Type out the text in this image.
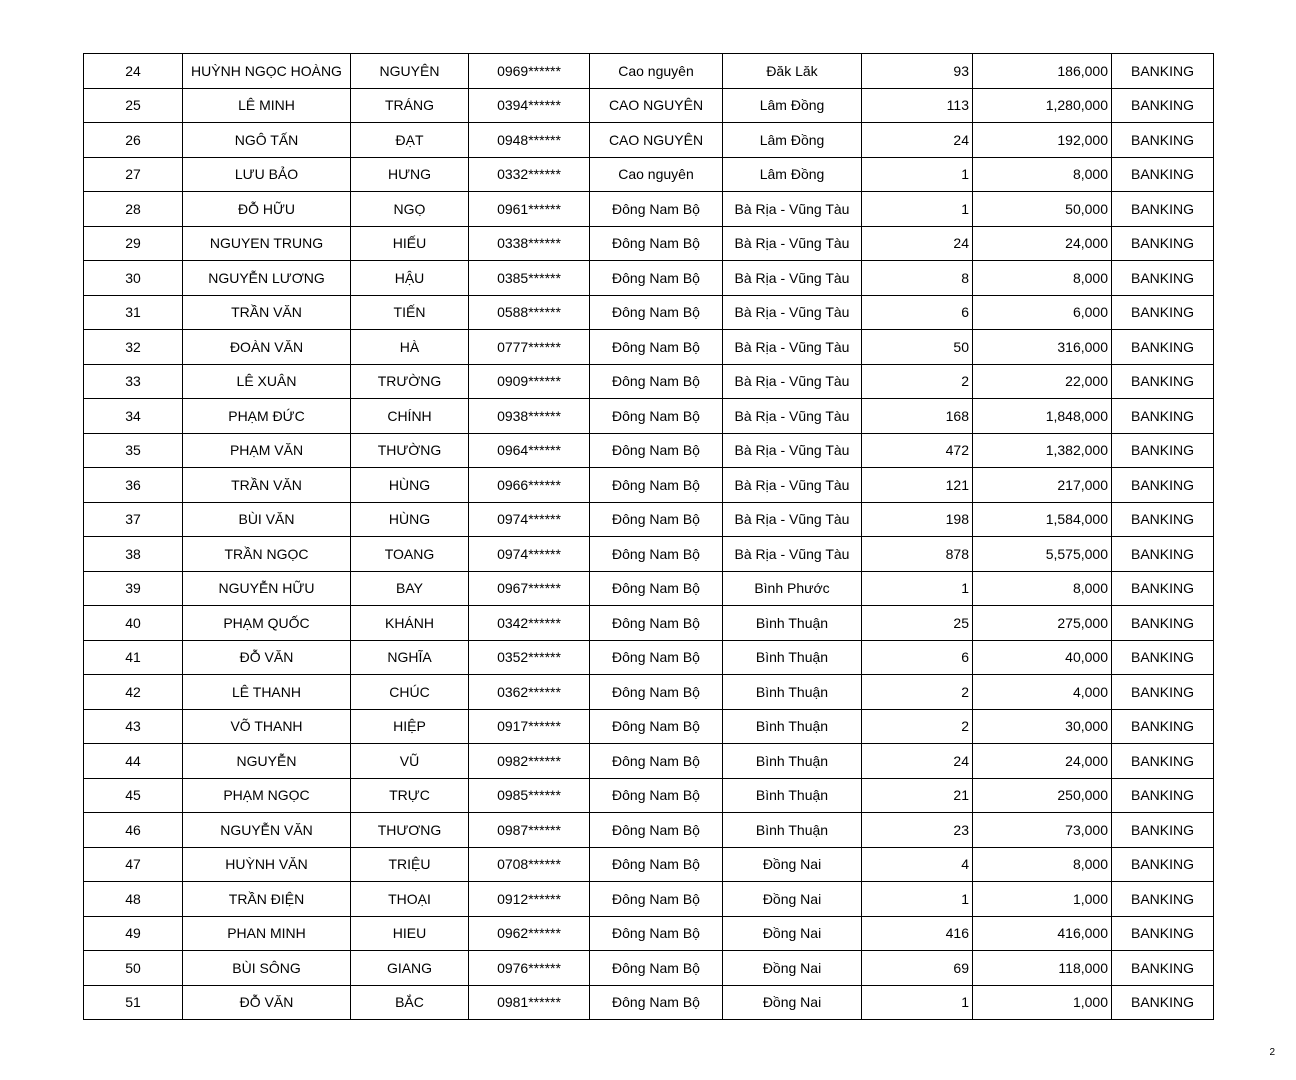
24	HUỲNH NGỌC HOÀNG	NGUYÊN	0969******	Cao nguyên	Đăk Lăk	93	186,000	BANKING
25	LÊ MINH	TRÁNG	0394******	CAO NGUYÊN	Lâm Đồng	113	1,280,000	BANKING
26	NGÔ TẤN	ĐẠT	0948******	CAO NGUYÊN	Lâm Đồng	24	192,000	BANKING
27	LƯU BẢO	HƯNG	0332******	Cao nguyên	Lâm Đồng	1	8,000	BANKING
28	ĐỖ HỮU	NGỌ	0961******	Đông Nam Bộ	Bà Rịa - Vũng Tàu	1	50,000	BANKING
29	NGUYEN TRUNG	HIẾU	0338******	Đông Nam Bộ	Bà Rịa - Vũng Tàu	24	24,000	BANKING
30	NGUYỄN LƯƠNG	HẬU	0385******	Đông Nam Bộ	Bà Rịa - Vũng Tàu	8	8,000	BANKING
31	TRẦN VĂN	TIẾN	0588******	Đông Nam Bộ	Bà Rịa - Vũng Tàu	6	6,000	BANKING
32	ĐOÀN VĂN	HÀ	0777******	Đông Nam Bộ	Bà Rịa - Vũng Tàu	50	316,000	BANKING
33	LÊ XUÂN	TRƯỜNG	0909******	Đông Nam Bộ	Bà Rịa - Vũng Tàu	2	22,000	BANKING
34	PHẠM ĐỨC	CHÍNH	0938******	Đông Nam Bộ	Bà Rịa - Vũng Tàu	168	1,848,000	BANKING
35	PHẠM VĂN	THƯỜNG	0964******	Đông Nam Bộ	Bà Rịa - Vũng Tàu	472	1,382,000	BANKING
36	TRẦN VĂN	HÙNG	0966******	Đông Nam Bộ	Bà Rịa - Vũng Tàu	121	217,000	BANKING
37	BÙI VĂN	HÙNG	0974******	Đông Nam Bộ	Bà Rịa - Vũng Tàu	198	1,584,000	BANKING
38	TRẦN NGỌC	TOANG	0974******	Đông Nam Bộ	Bà Rịa - Vũng Tàu	878	5,575,000	BANKING
39	NGUYỄN HỮU	BAY	0967******	Đông Nam Bộ	Bình Phước	1	8,000	BANKING
40	PHẠM QUỐC	KHÁNH	0342******	Đông Nam Bộ	Bình Thuận	25	275,000	BANKING
41	ĐỖ VĂN	NGHĨA	0352******	Đông Nam Bộ	Bình Thuận	6	40,000	BANKING
42	LÊ THANH	CHÚC	0362******	Đông Nam Bộ	Bình Thuận	2	4,000	BANKING
43	VÕ THANH	HIỆP	0917******	Đông Nam Bộ	Bình Thuận	2	30,000	BANKING
44	NGUYỄN	VŨ	0982******	Đông Nam Bộ	Bình Thuận	24	24,000	BANKING
45	PHẠM NGỌC	TRỰC	0985******	Đông Nam Bộ	Bình Thuận	21	250,000	BANKING
46	NGUYỄN VĂN	THƯƠNG	0987******	Đông Nam Bộ	Bình Thuận	23	73,000	BANKING
47	HUỲNH VĂN	TRIỆU	0708******	Đông Nam Bộ	Đồng Nai	4	8,000	BANKING
48	TRẦN ĐIỆN	THOẠI	0912******	Đông Nam Bộ	Đồng Nai	1	1,000	BANKING
49	PHAN MINH	HIEU	0962******	Đông Nam Bộ	Đồng Nai	416	416,000	BANKING
50	BÙI SÔNG	GIANG	0976******	Đông Nam Bộ	Đồng Nai	69	118,000	BANKING
51	ĐỖ VĂN	BẮC	0981******	Đông Nam Bộ	Đồng Nai	1	1,000	BANKING
2
